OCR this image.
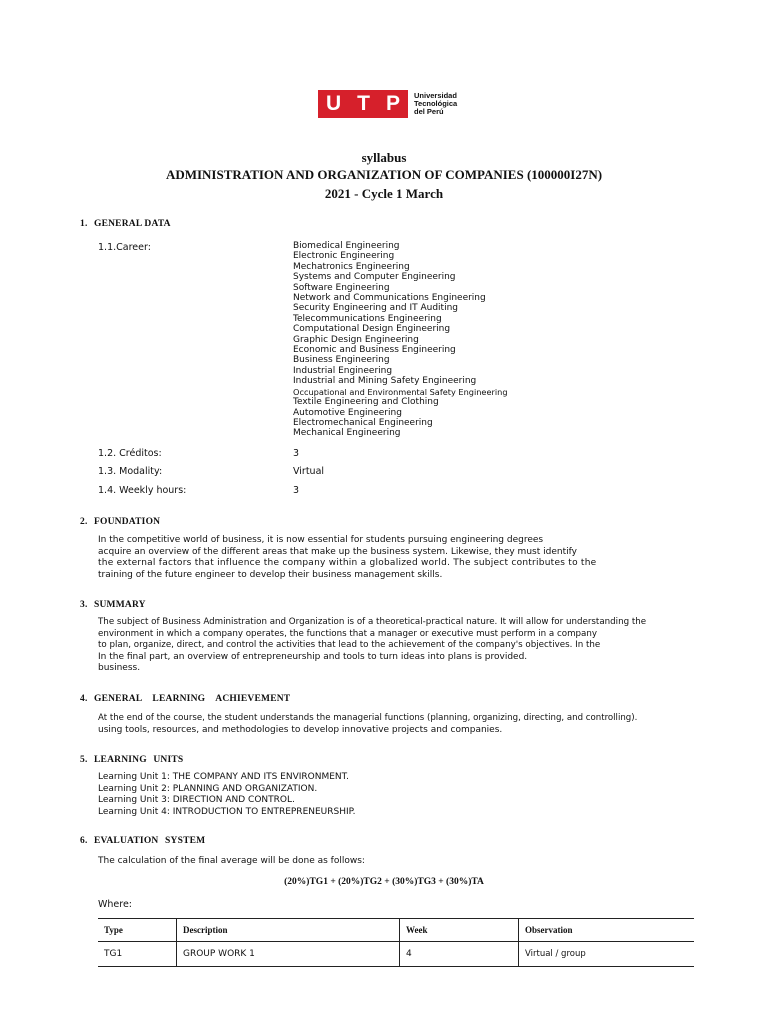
U T P Universidad
Tecnológica
del Perú
syllabus
ADMINISTRATION AND ORGANIZATION OF COMPANIES (100000I27N)
2021 - Cycle 1 March
1. GENERAL DATA
1.1.Career:	Biomedical Engineering
Electronic Engineering
Mechatronics Engineering
Systems and Computer Engineering
Software Engineering
Network and Communications Engineering
Security Engineering and IT Auditing
Telecommunications Engineering
Computational Design Engineering
Graphic Design Engineering
Economic and Business Engineering
Business Engineering
Industrial Engineering
Industrial and Mining Safety Engineering
Occupational and Environmental Safety Engineering
Textile Engineering and Clothing
Automotive Engineering
Electromechanical Engineering
Mechanical Engineering
1.2. Créditos:	3
1.3. Modality:	Virtual
1.4. Weekly hours:	3
2. FOUNDATION
In the competitive world of business, it is now essential for students pursuing engineering degrees
acquire an overview of the different areas that make up the business system. Likewise, they must identify
the external factors that influence the company within a globalized world. The subject contributes to the
training of the future engineer to develop their business management skills.
3. SUMMARY
The subject of Business Administration and Organization is of a theoretical-practical nature. It will allow for understanding the
environment in which a company operates, the functions that a manager or executive must perform in a company
to plan, organize, direct, and control the activities that lead to the achievement of the company's objectives. In the
In the final part, an overview of entrepreneurship and tools to turn ideas into plans is provided.
business.
4. GENERAL LEARNING ACHIEVEMENT
At the end of the course, the student understands the managerial functions (planning, organizing, directing, and controlling).
using tools, resources, and methodologies to develop innovative projects and companies.
5. LEARNING UNITS
Learning Unit 1: THE COMPANY AND ITS ENVIRONMENT.
Learning Unit 2: PLANNING AND ORGANIZATION.
Learning Unit 3: DIRECTION AND CONTROL.
Learning Unit 4: INTRODUCTION TO ENTREPRENEURSHIP.
6. EVALUATION SYSTEM
The calculation of the final average will be done as follows:
(20%)TG1 + (20%)TG2 + (30%)TG3 + (30%)TA
Where:
Type	Description	Week	Observation
TG1	GROUP WORK 1	4	Virtual / group
